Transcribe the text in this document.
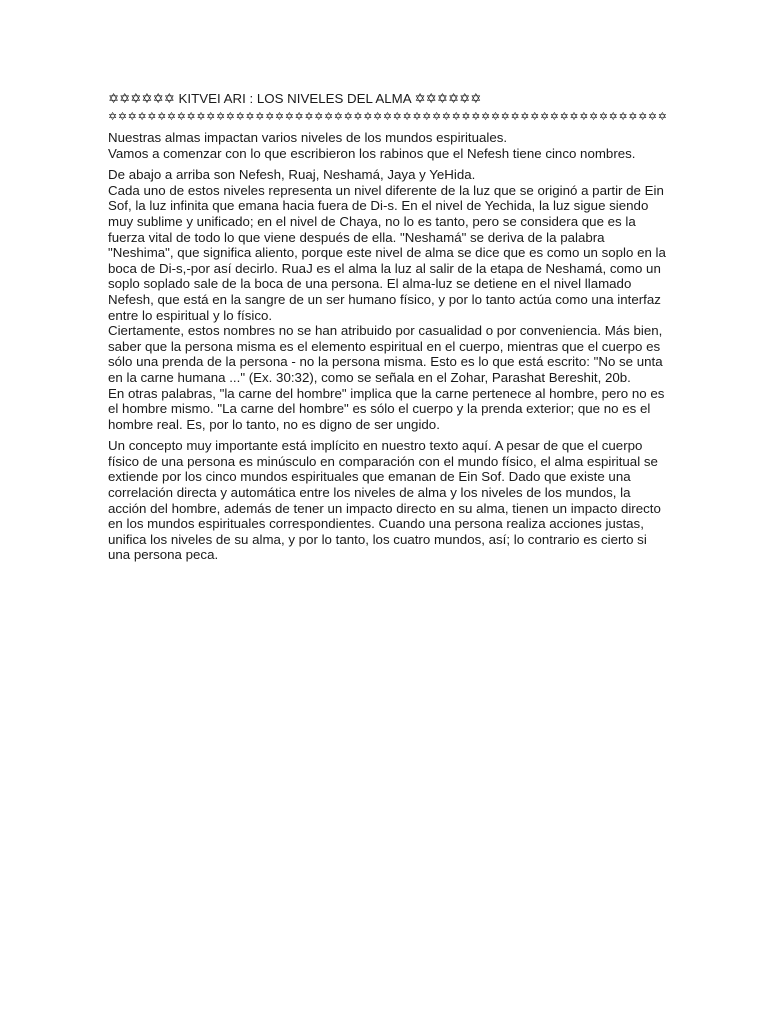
✡✡✡✡✡✡ KITVEI ARI : LOS NIVELES DEL ALMA ✡✡✡✡✡✡
✡✡✡✡✡✡✡✡✡✡✡✡✡✡✡✡✡✡✡✡✡✡✡✡✡✡✡✡✡✡✡✡✡✡✡✡✡✡✡✡✡✡✡✡✡✡✡✡✡✡✡✡✡✡✡✡✡
Nuestras almas impactan varios niveles de los mundos espirituales.
Vamos a comenzar con lo que escribieron los rabinos que el Nefesh tiene cinco nombres.
De abajo a arriba son Nefesh, Ruaj, Neshamá, Jaya y YeHida.
Cada uno de estos niveles representa un nivel diferente de la luz que se originó a partir de Ein Sof, la luz infinita que emana hacia fuera de Di-s. En el nivel de Yechida, la luz sigue siendo muy sublime y unificado; en el nivel de Chaya, no lo es tanto, pero se considera que es la fuerza vital de todo lo que viene después de ella. "Neshamá" se deriva de la palabra "Neshima", que significa aliento, porque este nivel de alma se dice que es como un soplo en la boca de Di-s,-por así decirlo. RuaJ es el alma la luz al salir de la etapa de Neshamá, como un soplo soplado sale de la boca de una persona. El alma-luz se detiene en el nivel llamado Nefesh, que está en la sangre de un ser humano físico, y por lo tanto actúa como una interfaz entre lo espiritual y lo físico.
Ciertamente, estos nombres no se han atribuido por casualidad o por conveniencia. Más bien, saber que la persona misma es el elemento espiritual en el cuerpo, mientras que el cuerpo es sólo una prenda de la persona - no la persona misma. Esto es lo que está escrito: "No se unta en la carne humana ..." (Ex. 30:32), como se señala en el Zohar, Parashat Bereshit, 20b.
En otras palabras, "la carne del hombre" implica que la carne pertenece al hombre, pero no es el hombre mismo. "La carne del hombre" es sólo el cuerpo y la prenda exterior; que no es el hombre real. Es, por lo tanto, no es digno de ser ungido.
Un concepto muy importante está implícito en nuestro texto aquí. A pesar de que el cuerpo físico de una persona es minúsculo en comparación con el mundo físico, el alma espiritual se extiende por los cinco mundos espirituales que emanan de Ein Sof. Dado que existe una correlación directa y automática entre los niveles de alma y los niveles de los mundos, la acción del hombre, además de tener un impacto directo en su alma, tienen un impacto directo en los mundos espirituales correspondientes. Cuando una persona realiza acciones justas, unifica los niveles de su alma, y por lo tanto, los cuatro mundos, así; lo contrario es cierto si una persona peca.
